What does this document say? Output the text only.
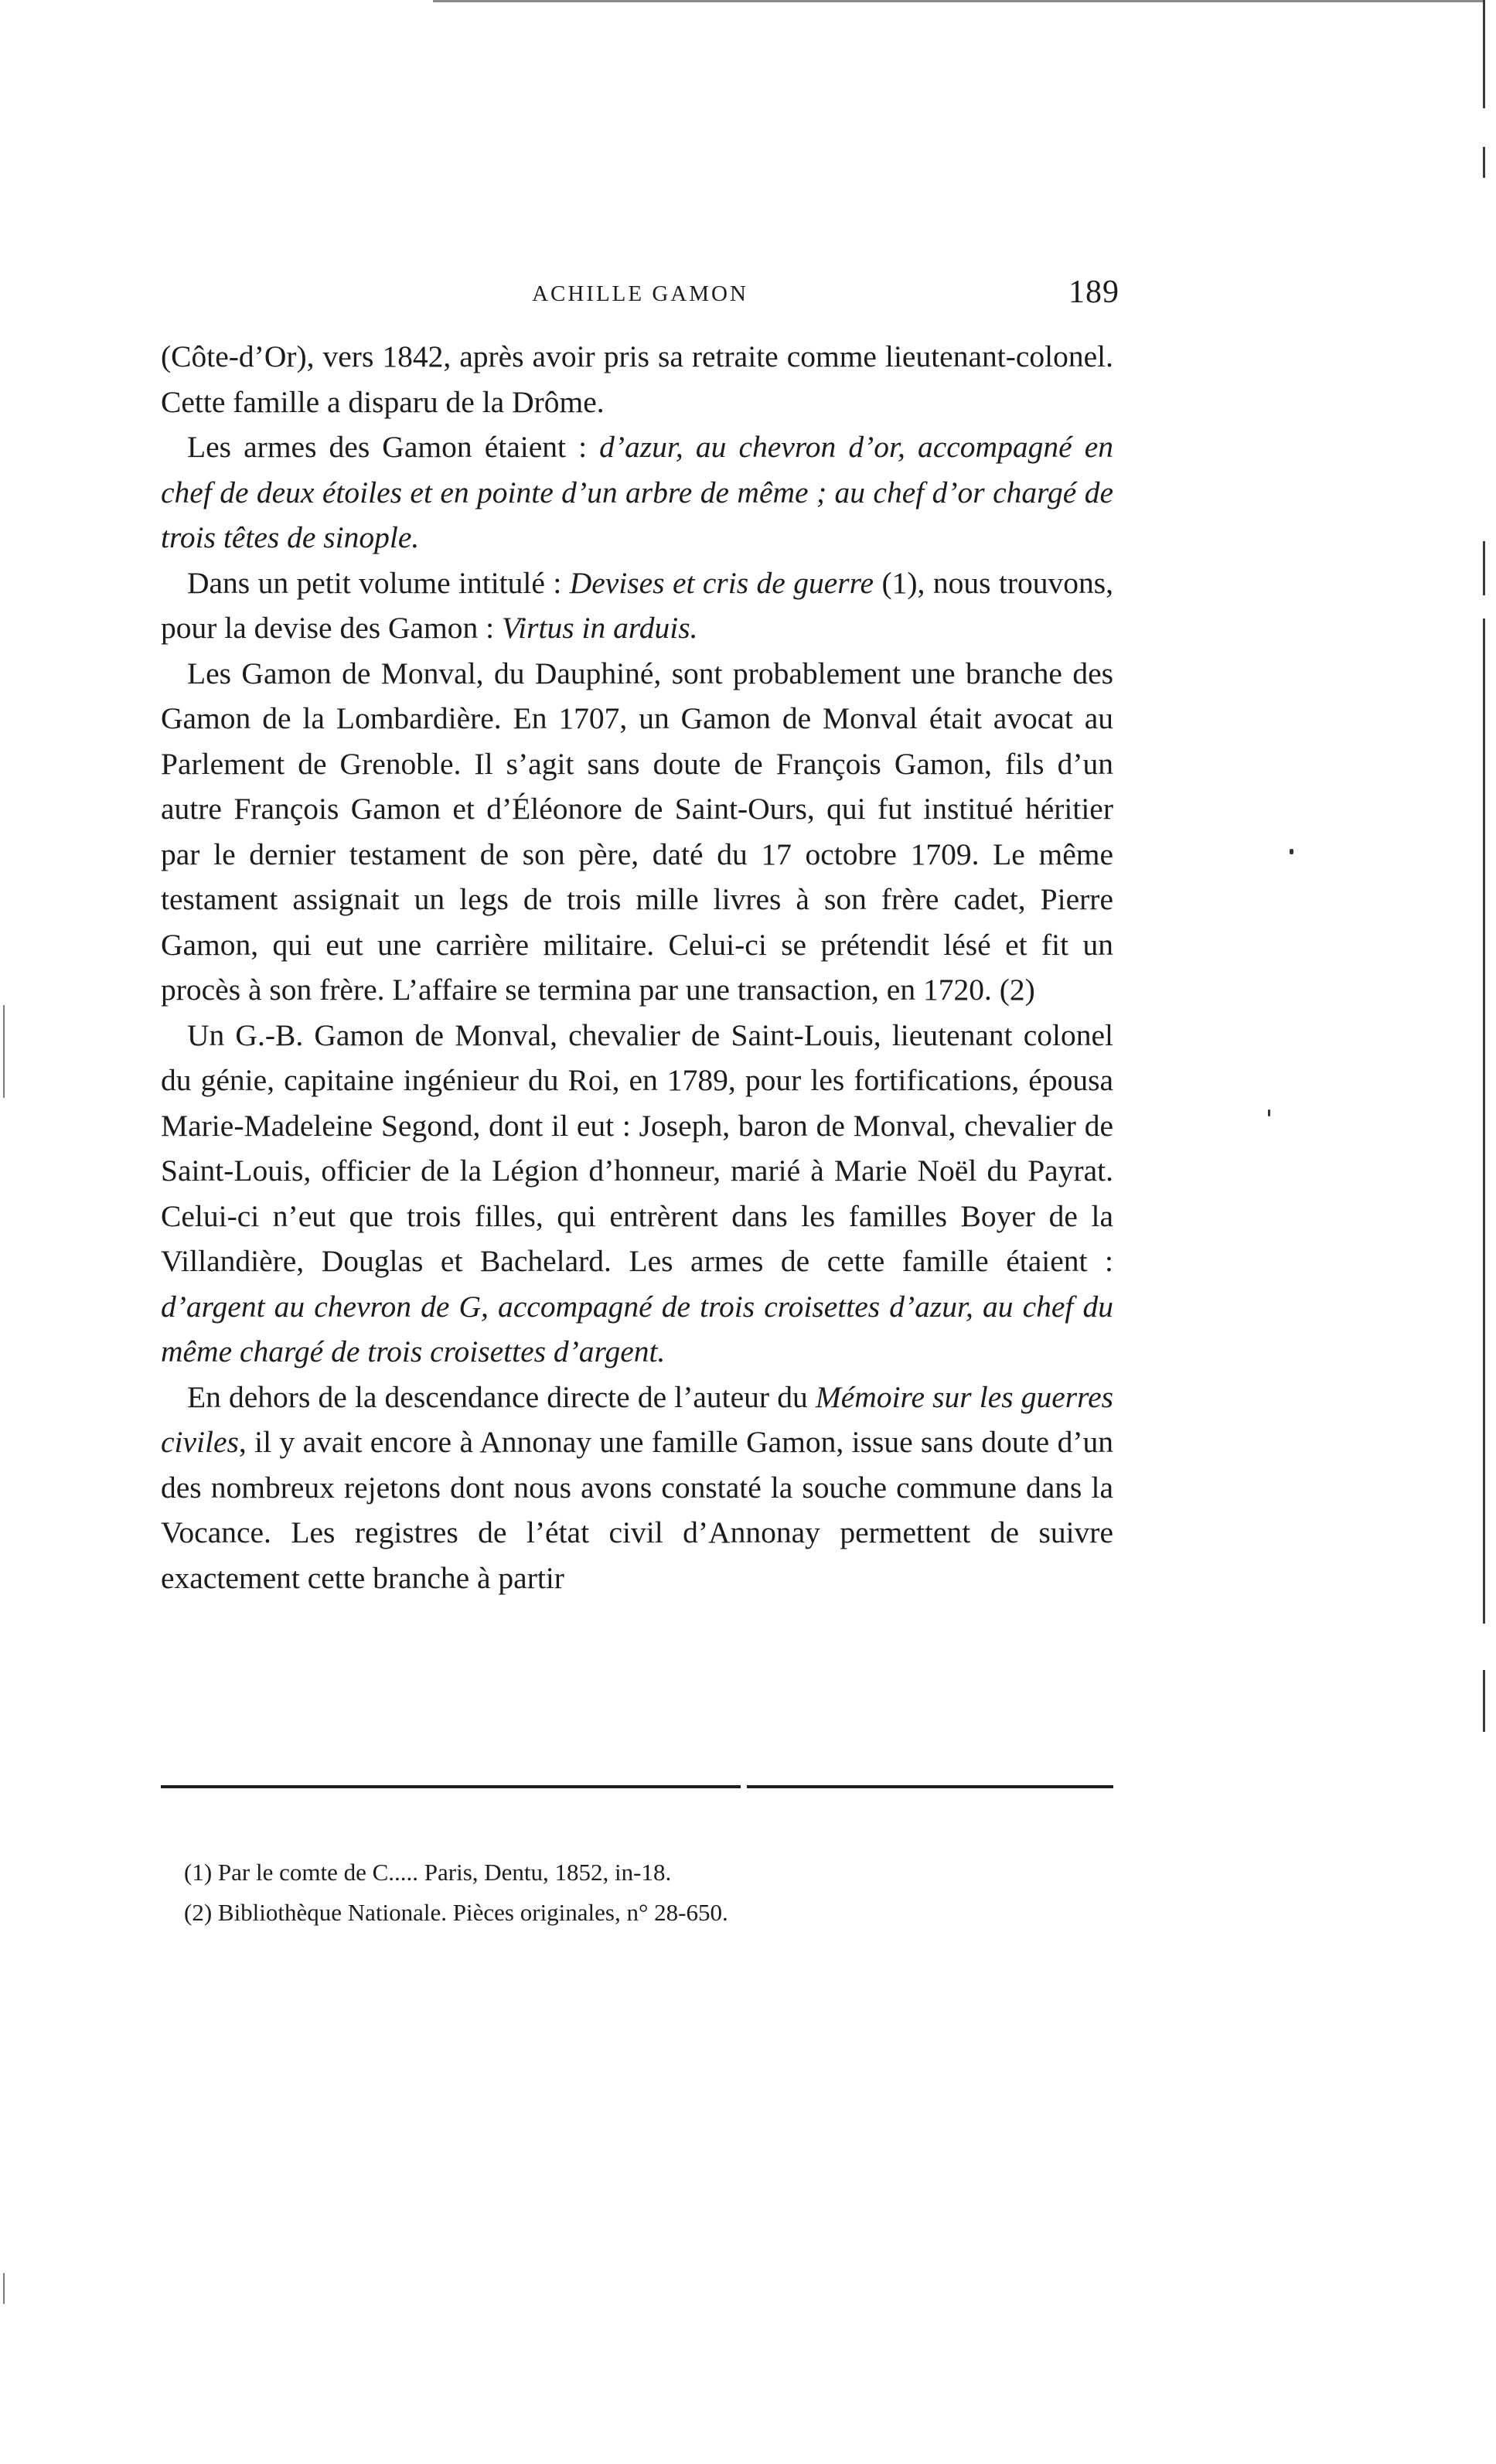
ACHILLE GAMON	189

(Côte-d’Or), vers 1842, après avoir pris sa retraite comme lieutenant-colonel. Cette famille a disparu de la Drôme.

Les armes des Gamon étaient : d’azur, au chevron d’or, accompagné en chef de deux étoiles et en pointe d’un arbre de même ; au chef d’or chargé de trois têtes de sinople.

Dans un petit volume intitulé : Devises et cris de guerre (1), nous trouvons, pour la devise des Gamon : Virtus in arduis.

Les Gamon de Monval, du Dauphiné, sont probablement une branche des Gamon de la Lombardière. En 1707, un Gamon de Monval était avocat au Parlement de Grenoble. Il s’agit sans doute de François Gamon, fils d’un autre François Gamon et d’Éléonore de Saint-Ours, qui fut institué héritier par le dernier testament de son père, daté du 17 octobre 1709. Le même testament assignait un legs de trois mille livres à son frère cadet, Pierre Gamon, qui eut une carrière militaire. Celui-ci se prétendit lésé et fit un procès à son frère. L’affaire se termina par une transaction, en 1720. (2)

Un G.-B. Gamon de Monval, chevalier de Saint-Louis, lieutenant colonel du génie, capitaine ingénieur du Roi, en 1789, pour les fortifications, épousa Marie-Madeleine Segond, dont il eut : Joseph, baron de Monval, chevalier de Saint-Louis, officier de la Légion d’honneur, marié à Marie Noël du Payrat. Celui-ci n’eut que trois filles, qui entrèrent dans les familles Boyer de la Villandière, Douglas et Bachelard. Les armes de cette famille étaient : d’argent au chevron de G, accompagné de trois croisettes d’azur, au chef du même chargé de trois croisettes d’argent.

En dehors de la descendance directe de l’auteur du Mémoire sur les guerres civiles, il y avait encore à Annonay une famille Gamon, issue sans doute d’un des nombreux rejetons dont nous avons constaté la souche commune dans la Vocance. Les registres de l’état civil d’Annonay permettent de suivre exactement cette branche à partir

(1) Par le comte de C..... Paris, Dentu, 1852, in-18.

(2) Bibliothèque Nationale. Pièces originales, n° 28-650.
